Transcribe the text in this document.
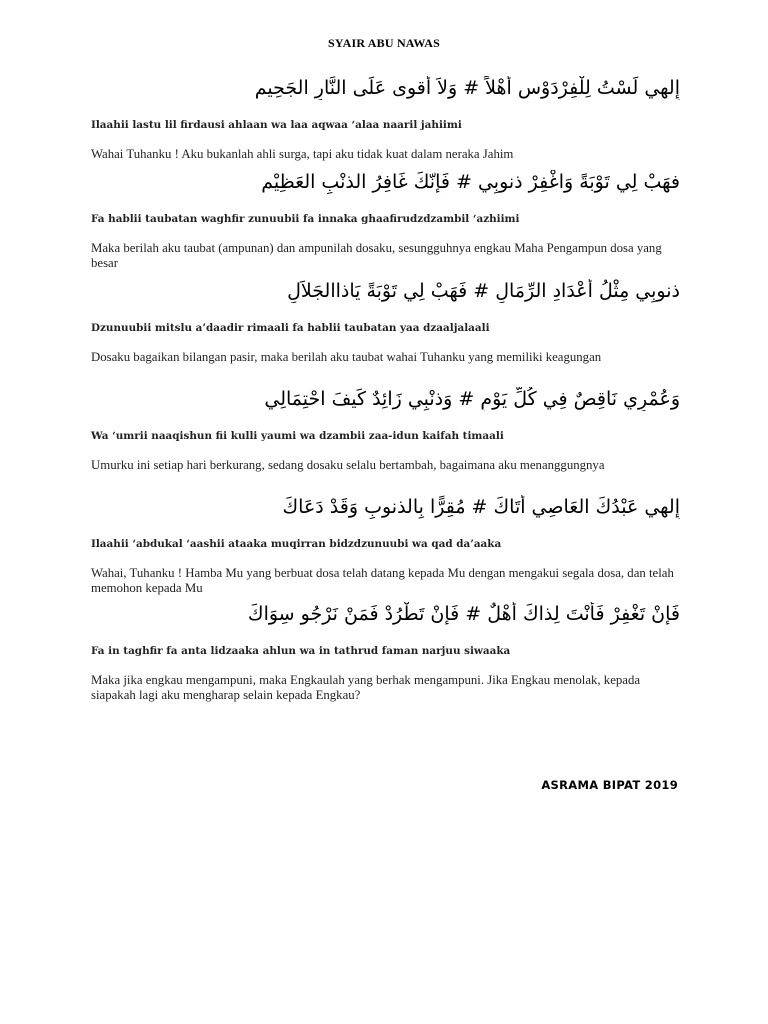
SYAIR ABU NAWAS
إِلهِي لَسْتُ لِلْفِرْدَوْسِ أَهْلاً # وَلاَ أَقوى عَلَى النَّارِ الجَحِيم
Ilaahii lastu lil firdausi ahlaan wa laa aqwaa ‘alaa naaril jahiimi
Wahai Tuhanku ! Aku bukanlah ahli surga, tapi aku tidak kuat dalam neraka Jahim
فهَبْ لِي تَوْبَةً وَاغْفِرْ ذنوبِي # فَإِنّكَ غَافِرُ الذنْبِ العَظِيْمِ
Fa hablii taubatan waghfir zunuubii fa innaka ghaafirudzdzambil ‘azhiimi
Maka berilah aku taubat (ampunan) dan ampunilah dosaku, sesungguhnya engkau Maha Pengampun dosa yang besar
ذنوبِي مِثْلُ أَعْدَادِ الرِّمَالِ # فَهَبْ لِي تَوْبَةً يَاذاالجَلاَلِ
Dzunuubii mitslu a’daadir rimaali fa hablii taubatan yaa dzaaljalaali
Dosaku bagaikan bilangan pasir, maka berilah aku taubat wahai Tuhanku yang memiliki keagungan
وَعُمْرِي نَاقِصٌ فِي كُلِّ يَوْمٍ # وَذنْبِي زَائِدٌ كَيفَ احْتِمَالِي
Wa ‘umrii naaqishun fii kulli yaumi wa dzambii zaa-idun kaifah timaali
Umurku ini setiap hari berkurang, sedang dosaku selalu bertambah, bagaimana aku menanggungnya
إِلهِي عَبْدُكَ العَاصِي أَتَاكَ # مُقِرًّا بِالذنوبِ وَقَدْ دَعَاكَ
Ilaahii ‘abdukal ‘aashii ataaka muqirran bidzdzunuubi wa qad da’aaka
Wahai, Tuhanku ! Hamba Mu yang berbuat dosa telah datang kepada Mu dengan mengakui segala dosa, dan telah memohon kepada Mu
فَإِنْ تَغْفِرْ فَأَنْتَ لِذاكَ أَهْلٌ # فَإِنْ تَطْرُدْ فَمَنْ نَرْجُو سِوَاكَ
Fa in taghfir fa anta lidzaaka ahlun wa in tathrud faman narjuu siwaaka
Maka jika engkau mengampuni, maka Engkaulah yang berhak mengampuni. Jika Engkau menolak, kepada siapakah lagi aku mengharap selain kepada Engkau?
ASRAMA BIPAT 2019
